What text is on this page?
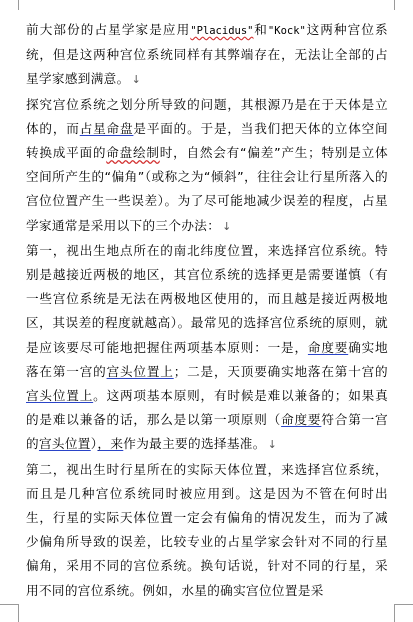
前大部份的占星学家是应用"Placidus"和"Kock"这两种宫位系统，但是这两种宫位系统同样有其弊端存在，无法让全部的占星学家感到满意。 ↓

探究宫位系统之划分所导致的问题，其根源乃是在于天体是立体的，而占星命盘是平面的。于是，当我们把天体的立体空间转换成平面的命盘绘制时，自然会有“偏差”产生；特别是立体空间所产生的“偏角”（或称之为“倾斜”，往往会让行星所落入的宫位位置产生一些误差）。为了尽可能地减少误差的程度，占星学家通常是采用以下的三个办法： ↓

第一，视出生地点所在的南北纬度位置，来选择宫位系统。特别是越接近两极的地区，其宫位系统的选择更是需要谨慎（有一些宫位系统是无法在两极地区使用的，而且越是接近两极地区，其误差的程度就越高）。最常见的选择宫位系统的原则，就是应该要尽可能地把握住两项基本原则：一是，命度要确实地落在第一宫的宫头位置上；二是，天顶要确实地落在第十宫的宫头位置上。这两项基本原则，有时候是难以兼备的；如果真的是难以兼备的话，那么是以第一项原则（命度要符合第一宫的宫头位置），来作为最主要的选择基准。 ↓

第二，视出生时行星所在的实际天体位置，来选择宫位系统，而且是几种宫位系统同时被应用到。这是因为不管在何时出生，行星的实际天体位置一定会有偏角的情况发生，而为了减少偏角所导致的误差，比较专业的占星学家会针对不同的行星偏角，采用不同的宫位系统。换句话说，针对不同的行星，采用不同的宫位系统。例如，水星的确实宫位位置是采
